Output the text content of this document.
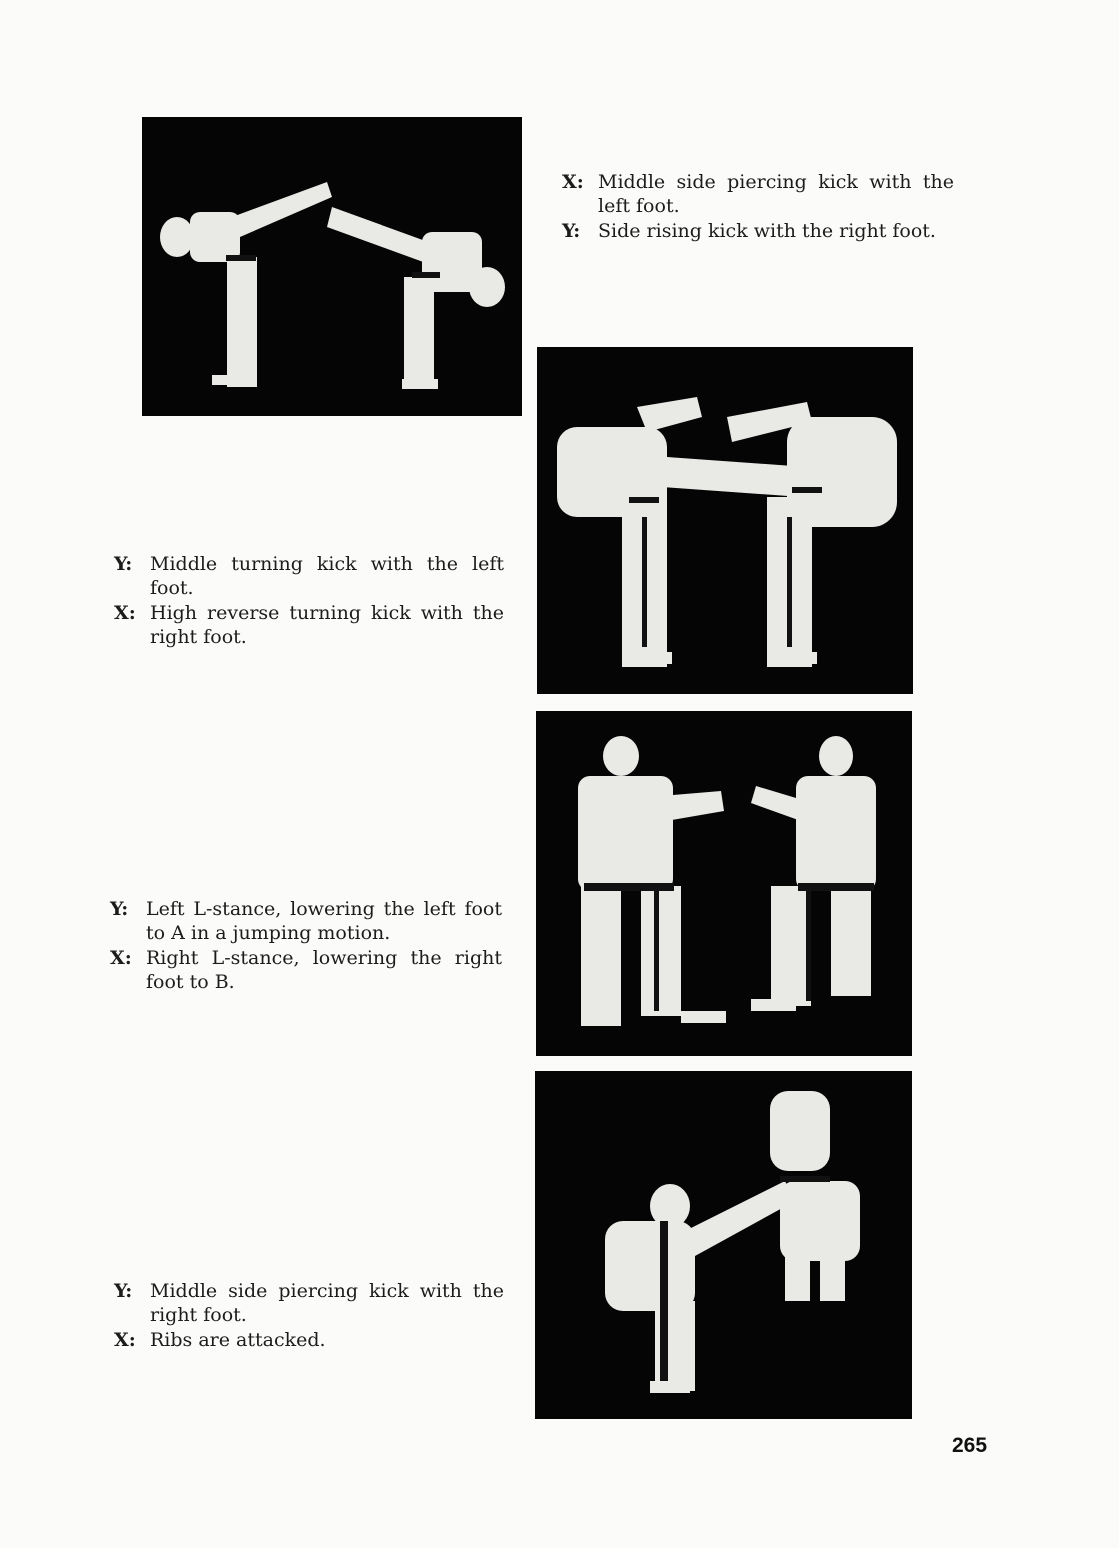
X: Middle side piercing kick with the left foot.
Y: Side rising kick with the right foot.
Y: Middle turning kick with the left foot.
X: High reverse turning kick with the right foot.
Y: Left L-stance, lowering the left foot to A in a jumping motion.
X: Right L-stance, lowering the right foot to B.
Y: Middle side piercing kick with the right foot.
X: Ribs are attacked.
265
